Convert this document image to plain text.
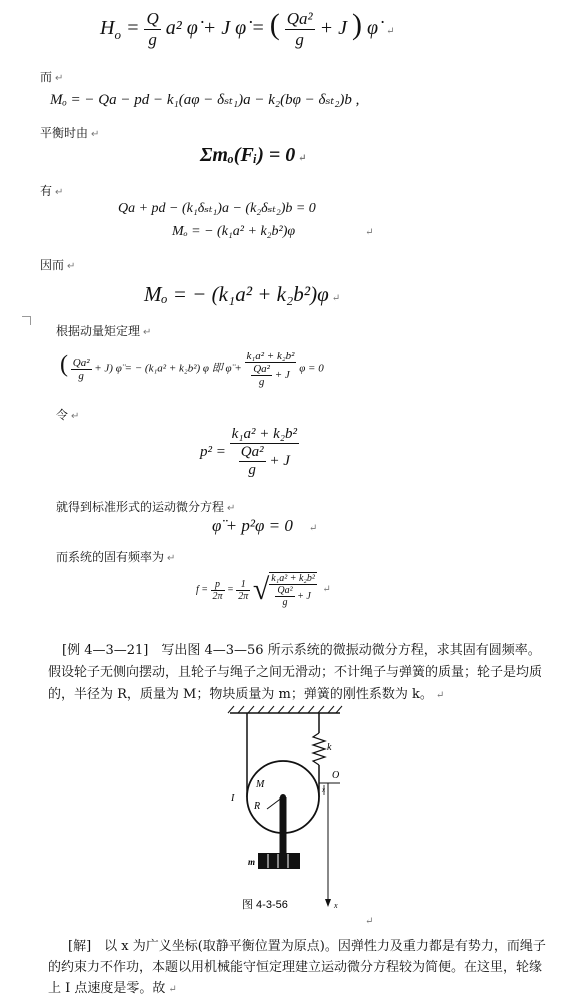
$H_o = \frac{Q}{g} a^2$ φ̇ + J φ̇ = ( $\frac{\text{Qa²}}{g} + J$ ) φ̇ ↵
而 ↵
Mₒ = − Qa − pd − k₁(aφ − δₛₜ₁)a − k₂(bφ − δₛₜ₂)b ,
平衡时由 ↵
Σmₒ(Fᵢ) = 0 ↵
有 ↵
Qa + pd − (k₁δₛₜ₁)a − (k₂δₛₜ₂)b = 0
Mₒ = − (k₁a² + k₂b²)φ	↵
因而 ↵
Mₒ = − (k₁a² + k₂b²)φ ↵
根据动量矩定理 ↵
( $\frac{\text{Qa²}}{g} + J$) φ̈ = − (k₁a² + k₂b²) φ 即 φ̈ + $\frac{\text{k₁a² + k₂b²}}{\frac{\text{Qa²}}{g} + J}$ φ = 0
令 ↵
$p^2 = \frac{\text{k₁a² + k₂b²}}{\frac{\text{Qa²}}{g} + J}$
就得到标准形式的运动微分方程 ↵
φ̈ + p²φ = 0 ↵
而系统的固有频率为 ↵
$f = \frac{p}{2\pi} = \frac{1}{2\pi}$ √ $\frac{\text{k₁a² + k₂b²}}{\frac{\text{Qa²}}{g} + J}$ ↵
[例 4—3—21]　写出图 4—3—56 所示系统的微振动微分方程，求其固有圆频率。假设轮子无侧向摆动，且轮子与绳子之间无滑动；不计绳子与弹簧的质量；轮子是均质的，半径为 R，质量为 M；物块质量为 m；弹簧的刚性系数为 k。 ↵
O
x
k
M
R
I
m
x
图 4-3-56
↵
[解]　以 x 为广义坐标(取静平衡位置为原点)。因弹性力及重力都是有势力，而绳子的约束力不作功，本题以用机械能守恒定理建立运动微分方程较为简便。在这里，轮缘上 I 点速度是零。故 ↵
